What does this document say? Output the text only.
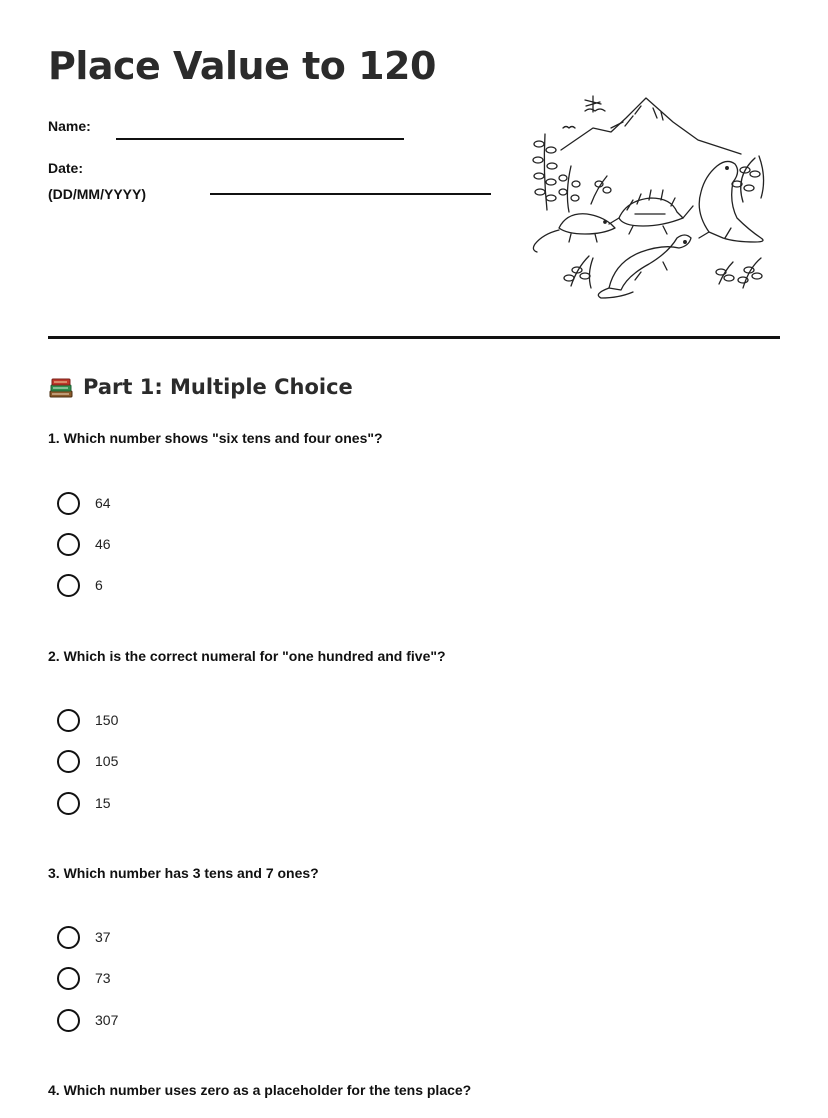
Place Value to 120
Name:
Date:
(DD/MM/YYYY)
Part 1: Multiple Choice
1. Which number shows "six tens and four ones"?
64
46
6
2. Which is the correct numeral for "one hundred and five"?
150
105
15
3. Which number has 3 tens and 7 ones?
37
73
307
4. Which number uses zero as a placeholder for the tens place?
